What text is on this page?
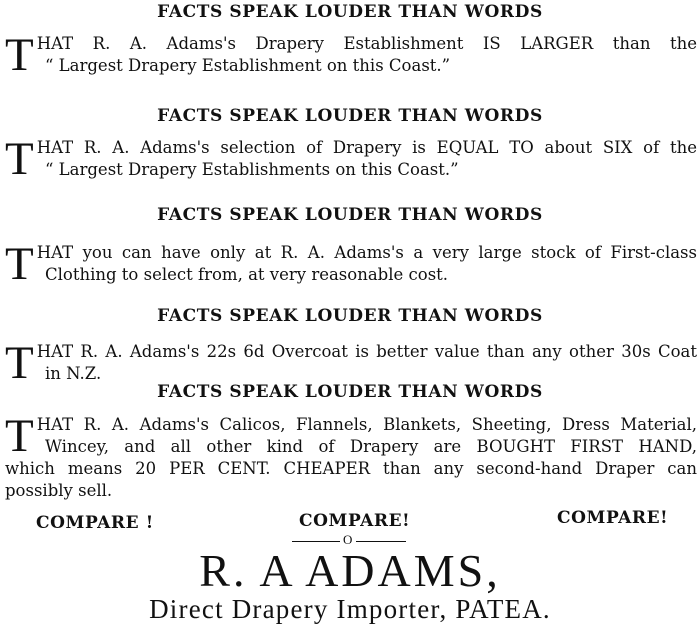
FACTS SPEAK LOUDER THAN WORDS
T HAT R. A. Adams's Drapery Establishment IS LARGER than the
“ Largest Drapery Establishment on this Coast.”
FACTS SPEAK LOUDER THAN WORDS
T HAT R. A. Adams's selection of Drapery is EQUAL TO about SIX of the
“ Largest Drapery Establishments on this Coast.”
FACTS SPEAK LOUDER THAN WORDS
T HAT you can have only at R. A. Adams's a very large stock of First-class
Clothing to select from, at very reasonable cost.
FACTS SPEAK LOUDER THAN WORDS
T HAT R. A. Adams's 22s 6d Overcoat is better value than any other 30s Coat
in N.Z.
FACTS SPEAK LOUDER THAN WORDS
T HAT R. A. Adams's Calicos, Flannels, Blankets, Sheeting, Dress Material,
Wincey, and all other kind of Drapery are BOUGHT FIRST HAND,
which means 20 PER CENT. CHEAPER than any second-hand Draper can
possibly sell.
COMPARE !	COMPARE!	COMPARE!
O
R. A ADAMS,
Direct Drapery Importer, PATEA.
